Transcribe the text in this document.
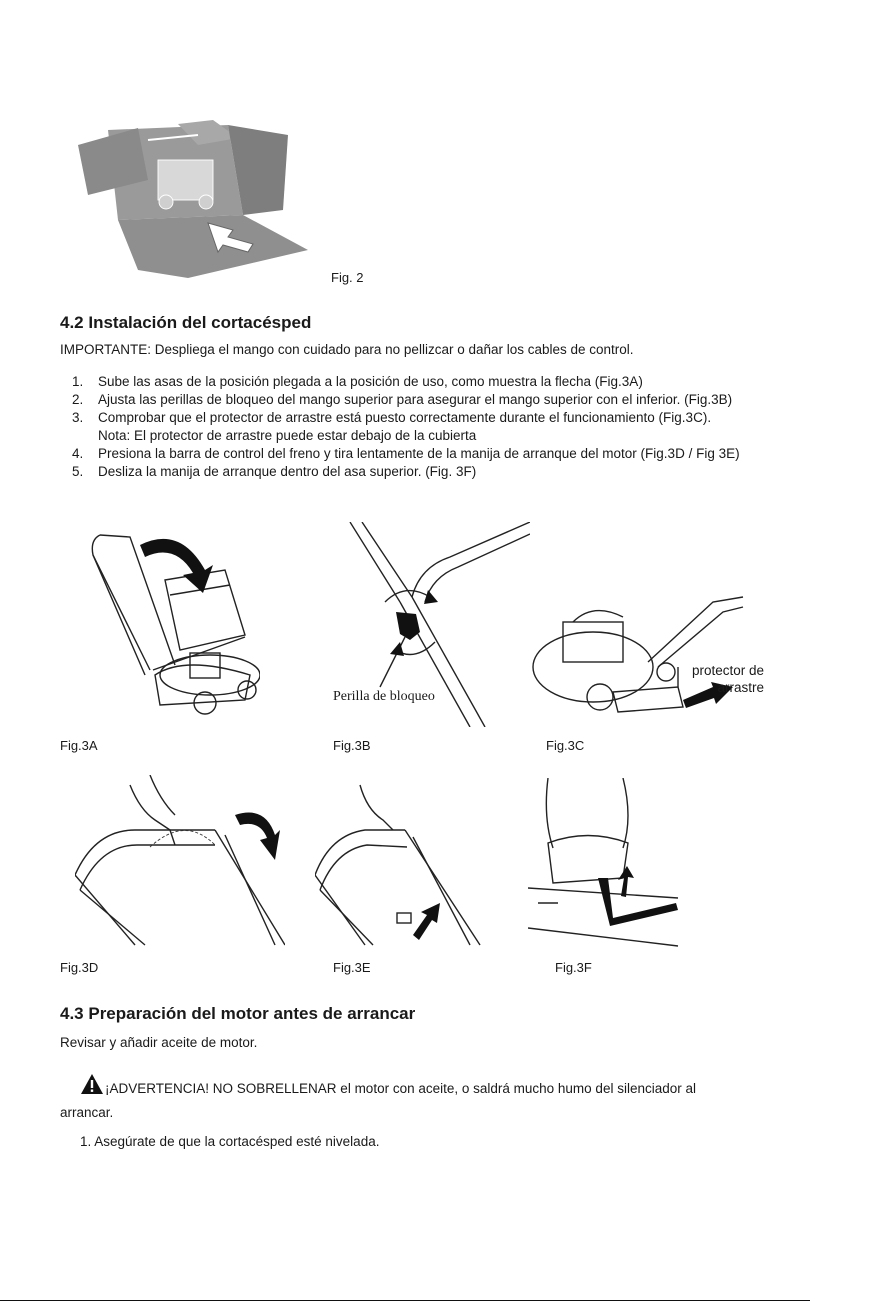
Fig. 2
4.2 Instalación del cortacésped
IMPORTANTE: Despliega el mango con cuidado para no pellizcar o dañar los cables de control.
1. Sube las asas de la posición plegada a la posición de uso, como muestra la flecha (Fig.3A)
2. Ajusta las perillas de bloqueo del mango superior para asegurar el mango superior con el inferior. (Fig.3B)
3. Comprobar que el protector de arrastre está puesto correctamente durante el funcionamiento (Fig.3C).
Nota: El protector de arrastre puede estar debajo de la cubierta
4. Presiona la barra de control del freno y tira lentamente de la manija de arranque del motor (Fig.3D / Fig 3E)
5. Desliza la manija de arranque dentro del asa superior. (Fig. 3F)
Fig.3A
Perilla de bloqueo
Fig.3B
protector de
arrastre
Fig.3C
Fig.3D	Fig.3E	Fig.3F
4.3 Preparación del motor antes de arrancar
Revisar y añadir aceite de motor.
¡ADVERTENCIA! NO SOBRELLENAR el motor con aceite, o saldrá mucho humo del silenciador al
arrancar.
1. Asegúrate de que la cortacésped esté nivelada.
